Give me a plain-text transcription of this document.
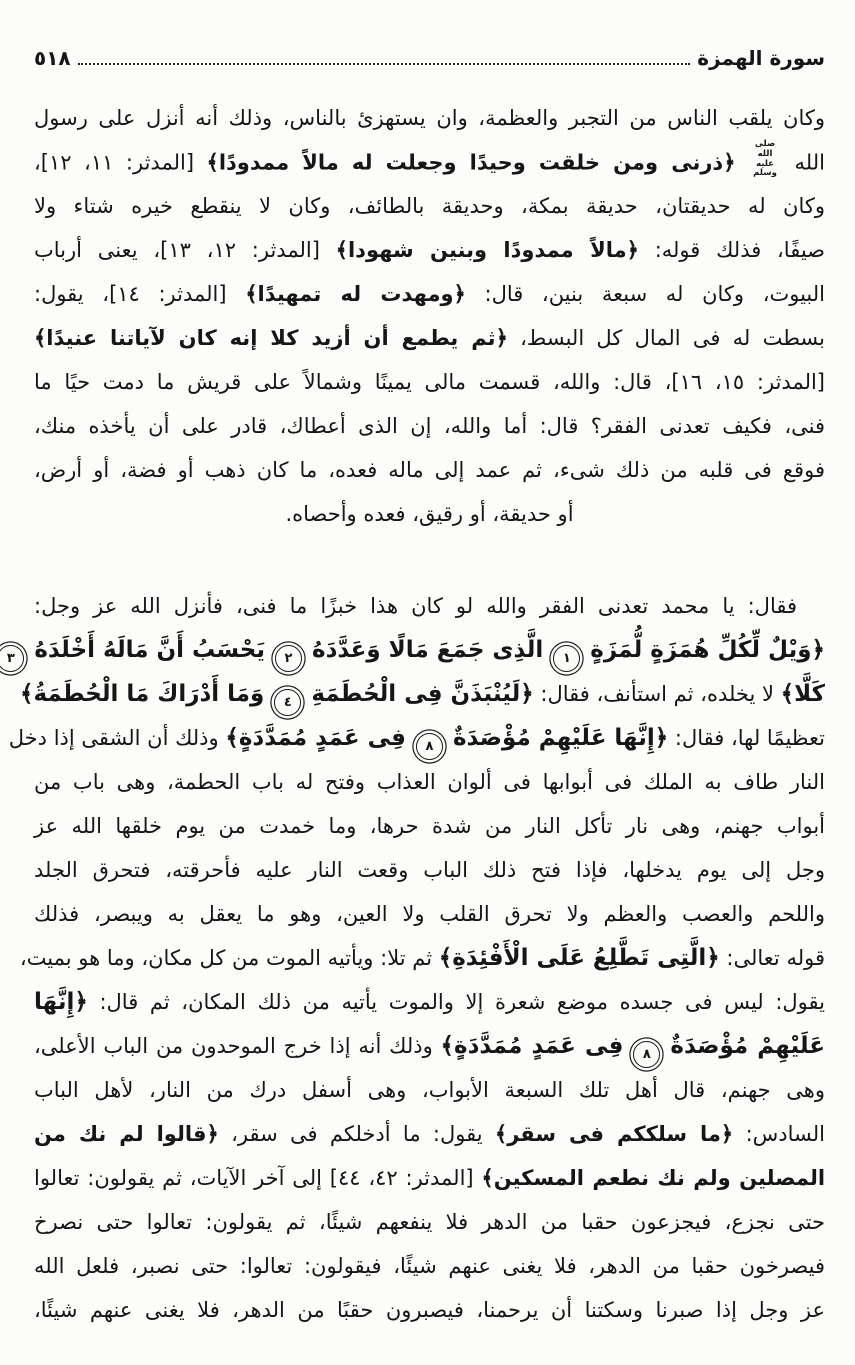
سورة الهمزة
٥١٨
وكان يلقب الناس من التجبر والعظمة، وان يستهزئ بالناس، وذلك أنه أنزل على رسول
الله صلى الله عليه وسلم ﴿ذرنى ومن خلقت وحيدًا وجعلت له مالاً ممدودًا﴾ [المدثر: ١١، ١٢]،
وكان له حديقتان، حديقة بمكة، وحديقة بالطائف، وكان لا ينقطع خيره شتاء ولا
صيفًا، فذلك قوله: ﴿مالاً ممدودًا وبنين شهودا﴾ [المدثر: ١٢، ١٣]، يعنى أرباب
البيوت، وكان له سبعة بنين، قال: ﴿ومهدت له تمهيدًا﴾ [المدثر: ١٤]، يقول:
بسطت له فى المال كل البسط، ﴿ثم يطمع أن أزيد كلا إنه كان لآياتنا عنيدًا﴾
[المدثر: ١٥، ١٦]، قال: والله، قسمت مالى يمينًا وشمالاً على قريش ما دمت حيًا ما
فنى، فكيف تعدنى الفقر؟ قال: أما والله، إن الذى أعطاك، قادر على أن يأخذه منك،
فوقع فى قلبه من ذلك شىء، ثم عمد إلى ماله فعده، ما كان ذهب أو فضة، أو أرض،
أو حديقة، أو رقيق، فعده وأحصاه.
فقال: يا محمد تعدنى الفقر والله لو كان هذا خبزًا ما فنى، فأنزل الله عز وجل:
﴿وَيْلٌ لِّكُلِّ هُمَزَةٍ لُّمَزَةٍ١الَّذِى جَمَعَ مَالًا وَعَدَّدَهُ٢يَحْسَبُ أَنَّ مَالَهُ أَخْلَدَهُ٣
كَلَّا﴾ لا يخلده، ثم استأنف، فقال: ﴿لَيُنْبَذَنَّ فِى الْحُطَمَةِ٤وَمَا أَدْرَاكَ مَا الْحُطَمَةُ﴾
تعظيمًا لها، فقال: ﴿إِنَّهَا عَلَيْهِمْ مُؤْصَدَةٌ٨فِى عَمَدٍ مُمَدَّدَةٍ﴾ وذلك أن الشقى إذا دخل
النار طاف به الملك فى أبوابها فى ألوان العذاب وفتح له باب الحطمة، وهى باب من
أبواب جهنم، وهى نار تأكل النار من شدة حرها، وما خمدت من يوم خلقها الله عز
وجل إلى يوم يدخلها، فإذا فتح ذلك الباب وقعت النار عليه فأحرقته، فتحرق الجلد
واللحم والعصب والعظم ولا تحرق القلب ولا العين، وهو ما يعقل به ويبصر، فذلك
قوله تعالى: ﴿الَّتِى تَطَّلِعُ عَلَى الْأَفْئِدَةِ﴾ ثم تلا: ويأتيه الموت من كل مكان، وما هو بميت،
يقول: ليس فى جسده موضع شعرة إلا والموت يأتيه من ذلك المكان، ثم قال: ﴿إِنَّهَا
عَلَيْهِمْ مُؤْصَدَةٌ٨فِى عَمَدٍ مُمَدَّدَةٍ﴾ وذلك أنه إذا خرج الموحدون من الباب الأعلى،
وهى جهنم، قال أهل تلك السبعة الأبواب، وهى أسفل درك من النار، لأهل الباب
السادس: ﴿ما سلككم فى سقر﴾ يقول: ما أدخلكم فى سقر، ﴿قالوا لم نك من
المصلين ولم نك نطعم المسكين﴾ [المدثر: ٤٢، ٤٤] إلى آخر الآيات، ثم يقولون: تعالوا
حتى نجزع، فيجزعون حقبا من الدهر فلا ينفعهم شيئًا، ثم يقولون: تعالوا حتى نصرخ
فيصرخون حقبا من الدهر، فلا يغنى عنهم شيئًا، فيقولون: تعالوا: حتى نصبر، فلعل الله
عز وجل إذا صبرنا وسكتنا أن يرحمنا، فيصبرون حقبًا من الدهر، فلا يغنى عنهم شيئًا،
